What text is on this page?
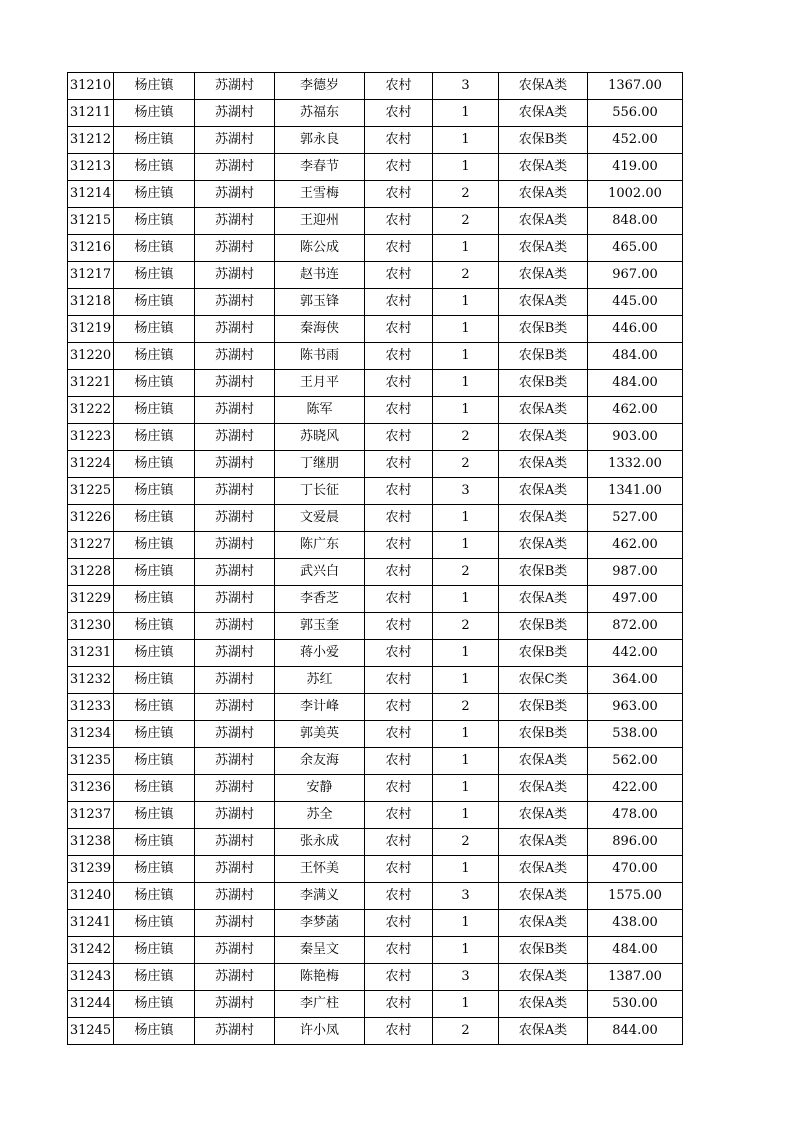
31210	杨庄镇	苏湖村	李德岁	农村	3	农保A类	1367.00
31211	杨庄镇	苏湖村	苏福东	农村	1	农保A类	556.00
31212	杨庄镇	苏湖村	郭永良	农村	1	农保B类	452.00
31213	杨庄镇	苏湖村	李春节	农村	1	农保A类	419.00
31214	杨庄镇	苏湖村	王雪梅	农村	2	农保A类	1002.00
31215	杨庄镇	苏湖村	王迎州	农村	2	农保A类	848.00
31216	杨庄镇	苏湖村	陈公成	农村	1	农保A类	465.00
31217	杨庄镇	苏湖村	赵书连	农村	2	农保A类	967.00
31218	杨庄镇	苏湖村	郭玉锋	农村	1	农保A类	445.00
31219	杨庄镇	苏湖村	秦海侠	农村	1	农保B类	446.00
31220	杨庄镇	苏湖村	陈书雨	农村	1	农保B类	484.00
31221	杨庄镇	苏湖村	王月平	农村	1	农保B类	484.00
31222	杨庄镇	苏湖村	陈军	农村	1	农保A类	462.00
31223	杨庄镇	苏湖村	苏晓风	农村	2	农保A类	903.00
31224	杨庄镇	苏湖村	丁继朋	农村	2	农保A类	1332.00
31225	杨庄镇	苏湖村	丁长征	农村	3	农保A类	1341.00
31226	杨庄镇	苏湖村	文爱晨	农村	1	农保A类	527.00
31227	杨庄镇	苏湖村	陈广东	农村	1	农保A类	462.00
31228	杨庄镇	苏湖村	武兴白	农村	2	农保B类	987.00
31229	杨庄镇	苏湖村	李香芝	农村	1	农保A类	497.00
31230	杨庄镇	苏湖村	郭玉奎	农村	2	农保B类	872.00
31231	杨庄镇	苏湖村	蒋小爱	农村	1	农保B类	442.00
31232	杨庄镇	苏湖村	苏红	农村	1	农保C类	364.00
31233	杨庄镇	苏湖村	李计峰	农村	2	农保B类	963.00
31234	杨庄镇	苏湖村	郭美英	农村	1	农保B类	538.00
31235	杨庄镇	苏湖村	余友海	农村	1	农保A类	562.00
31236	杨庄镇	苏湖村	安静	农村	1	农保A类	422.00
31237	杨庄镇	苏湖村	苏全	农村	1	农保A类	478.00
31238	杨庄镇	苏湖村	张永成	农村	2	农保A类	896.00
31239	杨庄镇	苏湖村	王怀美	农村	1	农保A类	470.00
31240	杨庄镇	苏湖村	李满义	农村	3	农保A类	1575.00
31241	杨庄镇	苏湖村	李梦菡	农村	1	农保A类	438.00
31242	杨庄镇	苏湖村	秦呈文	农村	1	农保B类	484.00
31243	杨庄镇	苏湖村	陈艳梅	农村	3	农保A类	1387.00
31244	杨庄镇	苏湖村	李广柱	农村	1	农保A类	530.00
31245	杨庄镇	苏湖村	许小凤	农村	2	农保A类	844.00
